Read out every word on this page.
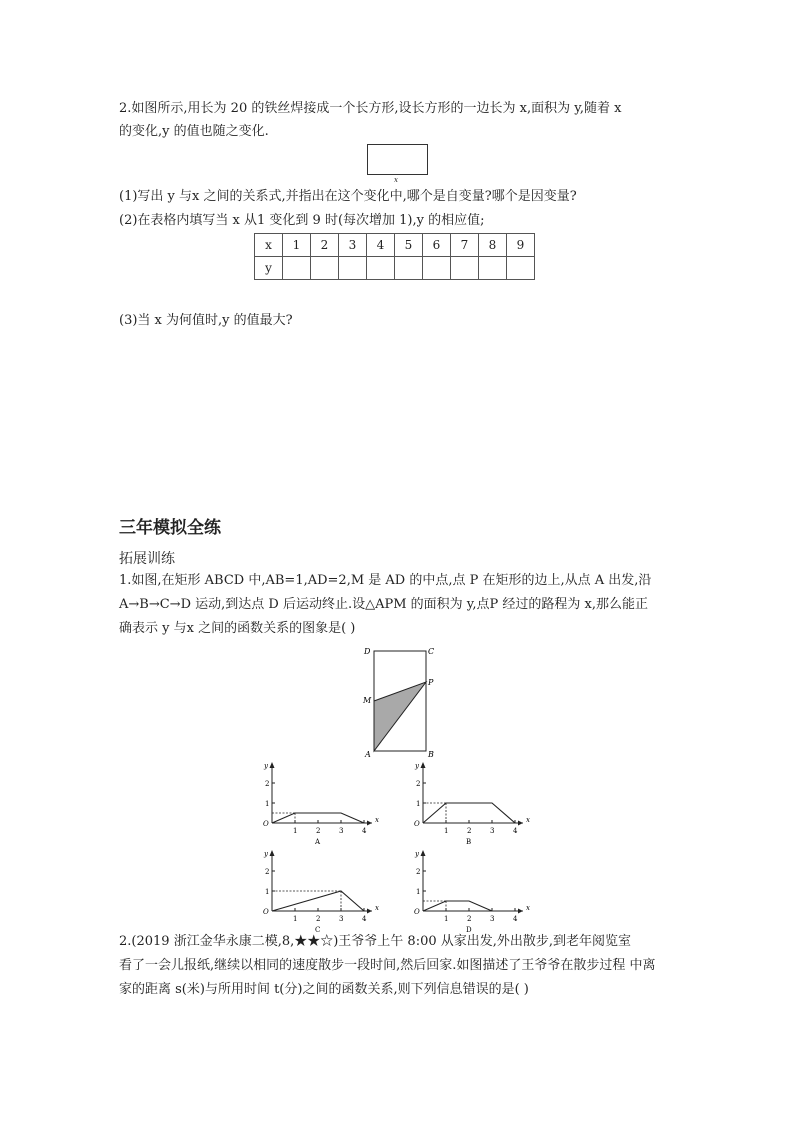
2.如图所示,用长为 20 的铁丝焊接成一个长方形,设长方形的一边长为 x,面积为 y,随着 x
的变化,y 的值也随之变化.
x
(1)写出 y 与x 之间的关系式,并指出在这个变化中,哪个是自变量?哪个是因变量?
(2)在表格内填写当 x 从1 变化到 9 时(每次增加 1),y 的相应值;
x	1	2	3	4	5	6	7	8	9
y									
(3)当 x 为何值时,y 的值最大?
三年模拟全练
拓展训练
1.如图,在矩形 ABCD 中,AB=1,AD=2,M 是 AD 的中点,点 P 在矩形的边上,从点 A 出发,沿
A→B→C→D 运动,到达点 D 后运动终止.设△APM 的面积为 y,点P 经过的路程为 x,那么能正
确表示 y 与x 之间的函数关系的图象是( )
D	C
M
P
A	B
y
x
O
1
2
1	2	3	4
A
y
x
O
1
2
1	2	3	4
B
y
x
O
1
2
1	2	3	4
C
y
x
O
1
2
1	2	3	4
D
2.(2019 浙江金华永康二模,8,★★☆)王爷爷上午 8:00 从家出发,外出散步,到老年阅览室
看了一会儿报纸,继续以相同的速度散步一段时间,然后回家.如图描述了王爷爷在散步过程 中离
家的距离 s(米)与所用时间 t(分)之间的函数关系,则下列信息错误的是( )
